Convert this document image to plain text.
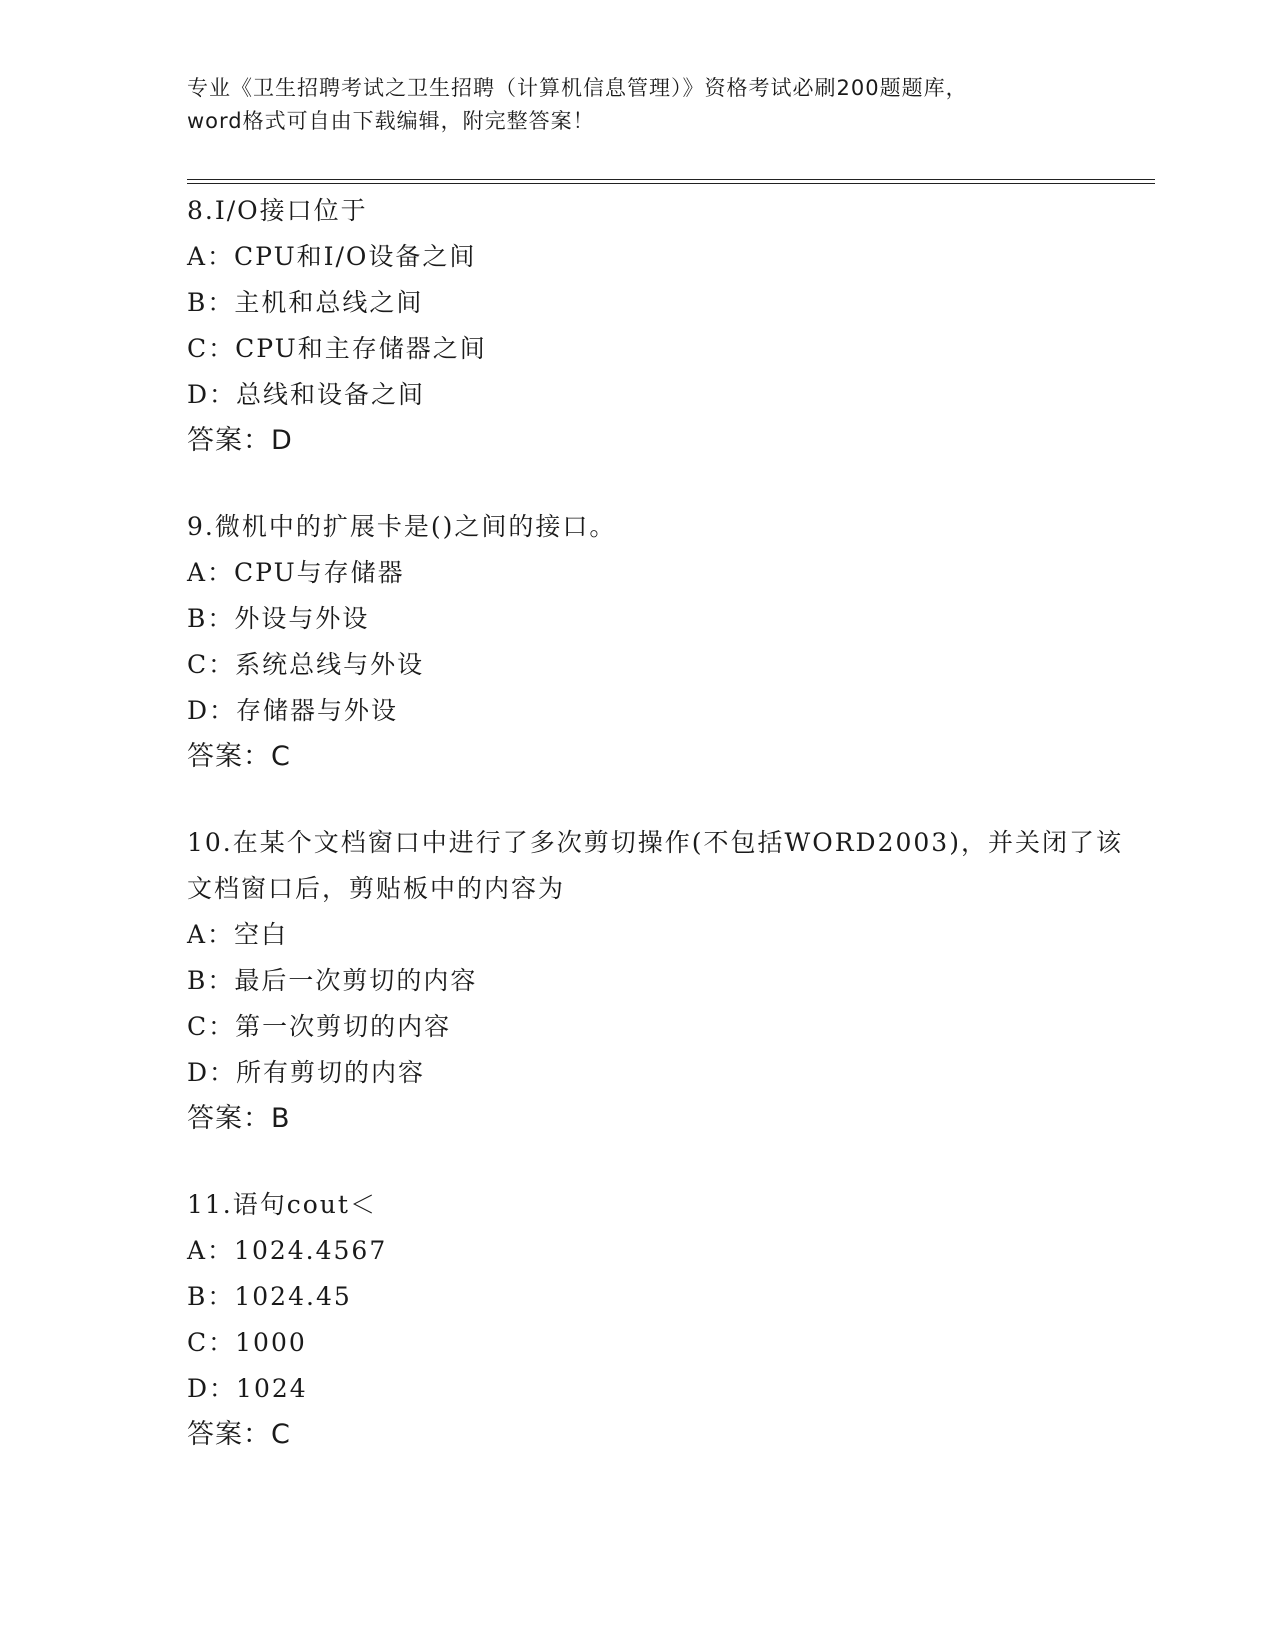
专业《卫生招聘考试之卫生招聘（计算机信息管理）》资格考试必刷200题题库，
word格式可自由下载编辑，附完整答案！
8.I/O接口位于
A：CPU和I/O设备之间
B：主机和总线之间
C：CPU和主存储器之间
D：总线和设备之间
答案：D
9.微机中的扩展卡是()之间的接口。
A：CPU与存储器
B：外设与外设
C：系统总线与外设
D：存储器与外设
答案：C
10.在某个文档窗口中进行了多次剪切操作(不包括WORD2003)，并关闭了该文档窗口后，剪贴板中的内容为
A：空白
B：最后一次剪切的内容
C：第一次剪切的内容
D：所有剪切的内容
答案：B
11.语句cout＜
A：1024.4567
B：1024.45
C：1000
D：1024
答案：C
